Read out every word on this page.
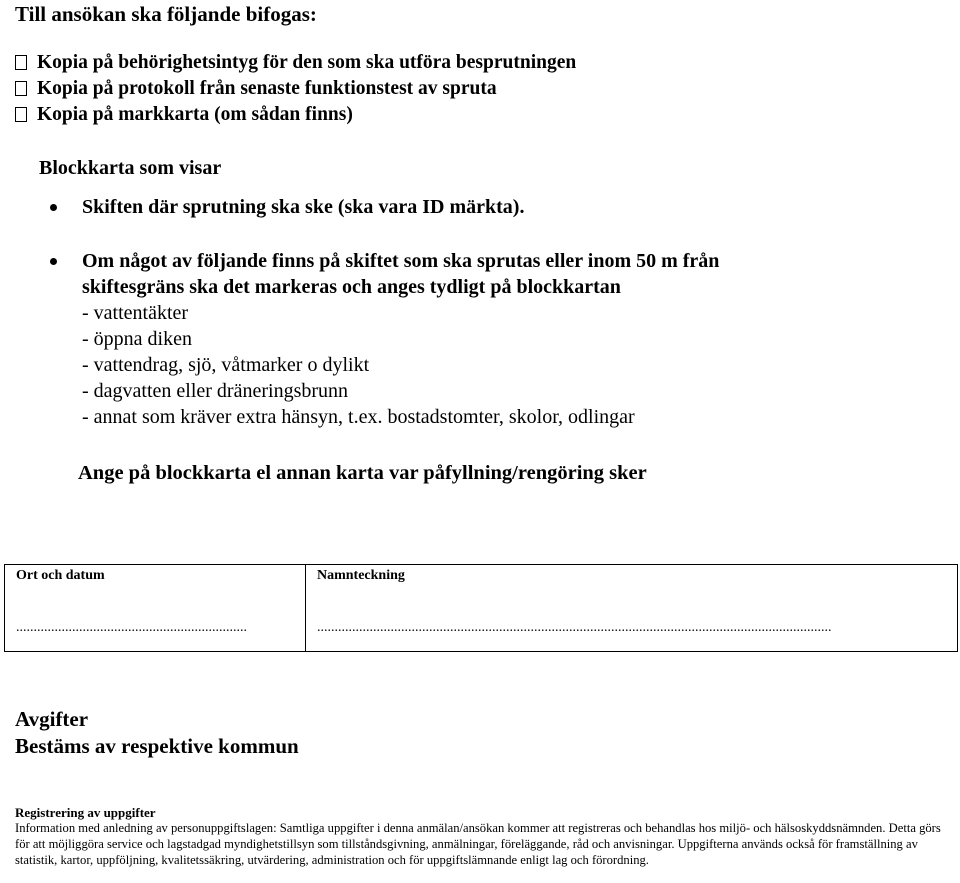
Till ansökan ska följande bifogas:
Kopia på behörighetsintyg för den som ska utföra besprutningen
Kopia på protokoll från senaste funktionstest av spruta
Kopia på markkarta (om sådan finns)
Blockkarta som visar
Skiften där sprutning ska ske (ska vara ID märkta).
Om något av följande finns på skiftet som ska sprutas eller inom 50 m från
skiftesgräns ska det markeras och anges tydligt på blockkartan
- vattentäkter
- öppna diken
- vattendrag, sjö, våtmarker o dylikt
- dagvatten eller dräneringsbrunn
- annat som kräver extra hänsyn, t.ex. bostadstomter, skolor, odlingar
Ange på blockkarta el annan karta var påfyllning/rengöring sker
Ort och datum
..................................................................
Namnteckning
...................................................................................................................................................
Avgifter
Bestäms av respektive kommun
Registrering av uppgifter
Information med anledning av personuppgiftslagen: Samtliga uppgifter i denna anmälan/ansökan kommer att registreras och behandlas hos miljö- och hälsoskyddsnämnden. Detta görs för att möjliggöra service och lagstadgad myndighetstillsyn som tillståndsgivning, anmälningar, föreläggande, råd och anvisningar. Uppgifterna används också för framställning av statistik, kartor, uppföljning, kvalitetssäkring, utvärdering, administration och för uppgiftslämnande enligt lag och förordning.
